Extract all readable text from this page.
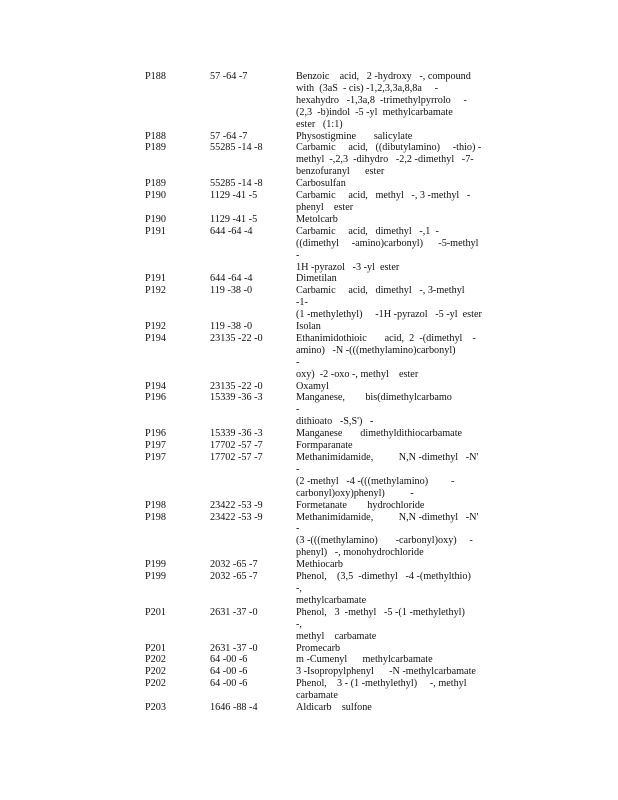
P188	57 -64 -7	Benzoic    acid,   2 -hydroxy   -, compound
with  (3aS  - cis) -1,2,3,3a,8,8a     -
hexahydro   -1,3a,8  -trimethylpyrrolo     -
(2,3  -b)indol  -5 -yl  methylcarbamate
ester   (1:1)
P188	57 -64 -7	Physostigmine       salicylate
P189	55285 -14 -8	Carbamic     acid,   ((dibutylamino)     -thio) -
methyl  -,2,3  -dihydro   -2,2 -dimethyl   -7-
benzofuranyl      ester
P189	55285 -14 -8	Carbosulfan
P190	1129 -41 -5	Carbamic     acid,   methyl   -, 3 -methyl   -
phenyl    ester
P190	1129 -41 -5	Metolcarb
P191	644 -64 -4	Carbamic     acid,   dimethyl   -,1  -
((dimethyl     -amino)carbonyl)      -5-methyl   -
1H -pyrazol   -3 -yl  ester
P191	644 -64 -4	Dimetilan
P192	119 -38 -0	Carbamic     acid,   dimethyl   -, 3-methyl   -1-
(1 -methylethyl)     -1H -pyrazol   -5 -yl  ester
P192	119 -38 -0	Isolan
P194	23135 -22 -0	Ethanimidothioic       acid,  2  -(dimethyl    -
amino)   -N -(((methylamino)carbonyl)            -
oxy)  -2 -oxo -, methyl    ester
P194	23135 -22 -0	Oxamyl
P196	15339 -36 -3	Manganese,        bis(dimethylcarbamo           -
dithioato   -S,S')   -
P196	15339 -36 -3	Manganese       dimethyldithiocarbamate
P197	17702 -57 -7	Formparanate
P197	17702 -57 -7	Methanimidamide,          N,N -dimethyl   -N' -
(2 -methyl   -4 -(((methylamino)         -
carbonyl)oxy)phenyl)          -
P198	23422 -53 -9	Formetanate        hydrochloride
P198	23422 -53 -9	Methanimidamide,          N,N -dimethyl   -N' -
(3 -(((methylamino)       -carbonyl)oxy)     -
phenyl)   -, monohydrochloride
P199	2032 -65 -7	Methiocarb
P199	2032 -65 -7	Phenol,    (3,5  -dimethyl   -4 -(methylthio)    -,
methylcarbamate
P201	2631 -37 -0	Phenol,   3  -methyl   -5 -(1 -methylethyl)     -,
methyl    carbamate
P201	2631 -37 -0	Promecarb
P202	64 -00 -6	m -Cumenyl      methylcarbamate
P202	64 -00 -6	3 -Isopropylphenyl      -N -methylcarbamate
P202	64 -00 -6	Phenol,    3 - (1 -methylethyl)     -, methyl
carbamate
P203	1646 -88 -4	Aldicarb    sulfone
